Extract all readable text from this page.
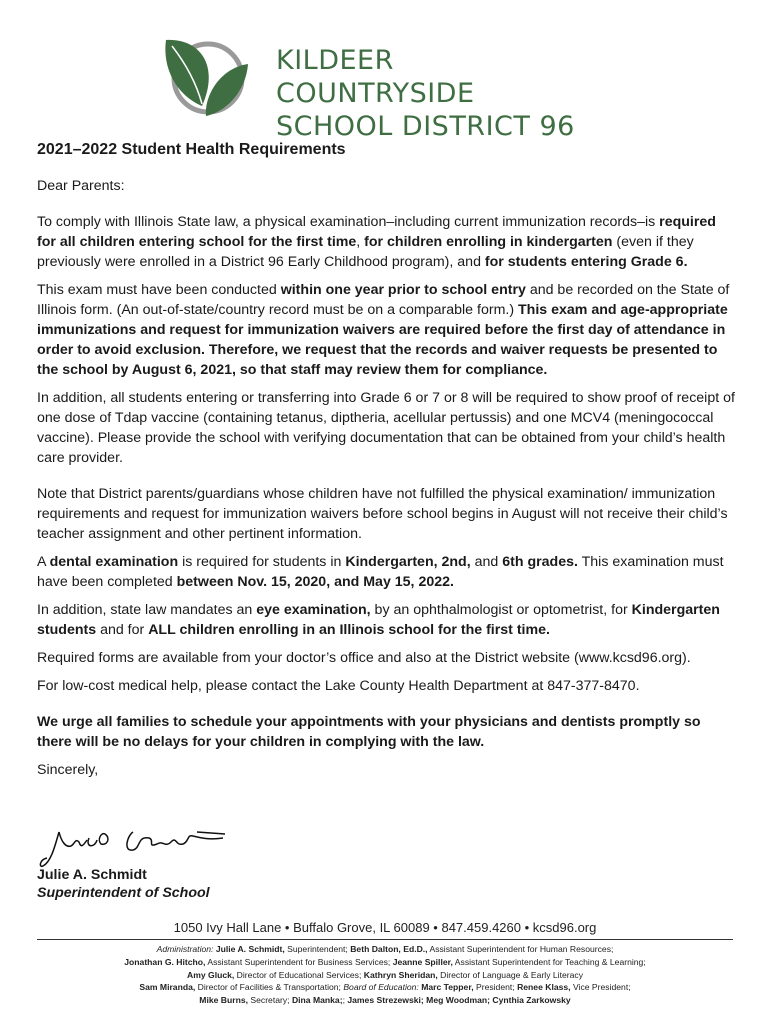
KILDEER COUNTRYSIDE
SCHOOL DISTRICT 96
2021–2022 Student Health Requirements

Dear Parents:

To comply with Illinois State law, a physical examination–including current immunization records–is required for all children entering school for the first time, for children enrolling in kindergarten (even if they previously were enrolled in a District 96 Early Childhood program), and for students entering Grade 6.

This exam must have been conducted within one year prior to school entry and be recorded on the State of Illinois form. (An out-of-state/country record must be on a comparable form.) This exam and age-appropriate immunizations and request for immunization waivers are required before the first day of attendance in order to avoid exclusion. Therefore, we request that the records and waiver requests be presented to the school by August 6, 2021, so that staff may review them for compliance.

In addition, all students entering or transferring into Grade 6 or 7 or 8 will be required to show proof of receipt of one dose of Tdap vaccine (containing tetanus, diptheria, acellular pertussis) and one MCV4 (meningococcal vaccine). Please provide the school with verifying documentation that can be obtained from your child’s health care provider.

Note that District parents/guardians whose children have not fulfilled the physical examination/ immunization requirements and request for immunization waivers before school begins in August will not receive their child’s teacher assignment and other pertinent information.

A dental examination is required for students in Kindergarten, 2nd, and 6th grades. This examination must have been completed between Nov. 15, 2020, and May 15, 2022.

In addition, state law mandates an eye examination, by an ophthalmologist or optometrist, for Kindergarten students and for ALL children enrolling in an Illinois school for the first time.

Required forms are available from your doctor’s office and also at the District website (www.kcsd96.org).

For low-cost medical help, please contact the Lake County Health Department at 847-377-8470.

We urge all families to schedule your appointments with your physicians and dentists promptly so there will be no delays for your children in complying with the law.

Sincerely,

Julie A. Schmidt
Superintendent of School
1050 Ivy Hall Lane • Buffalo Grove, IL 60089 • 847.459.4260 • kcsd96.org
Administration: Julie A. Schmidt, Superintendent; Beth Dalton, Ed.D., Assistant Superintendent for Human Resources;
Jonathan G. Hitcho, Assistant Superintendent for Business Services; Jeanne Spiller, Assistant Superintendent for Teaching & Learning;
Amy Gluck, Director of Educational Services; Kathryn Sheridan, Director of Language & Early Literacy
Sam Miranda, Director of Facilities & Transportation; Board of Education: Marc Tepper, President; Renee Klass, Vice President;
Mike Burns, Secretary; Dina Manka;; James Strezewski; Meg Woodman; Cynthia Zarkowsky
